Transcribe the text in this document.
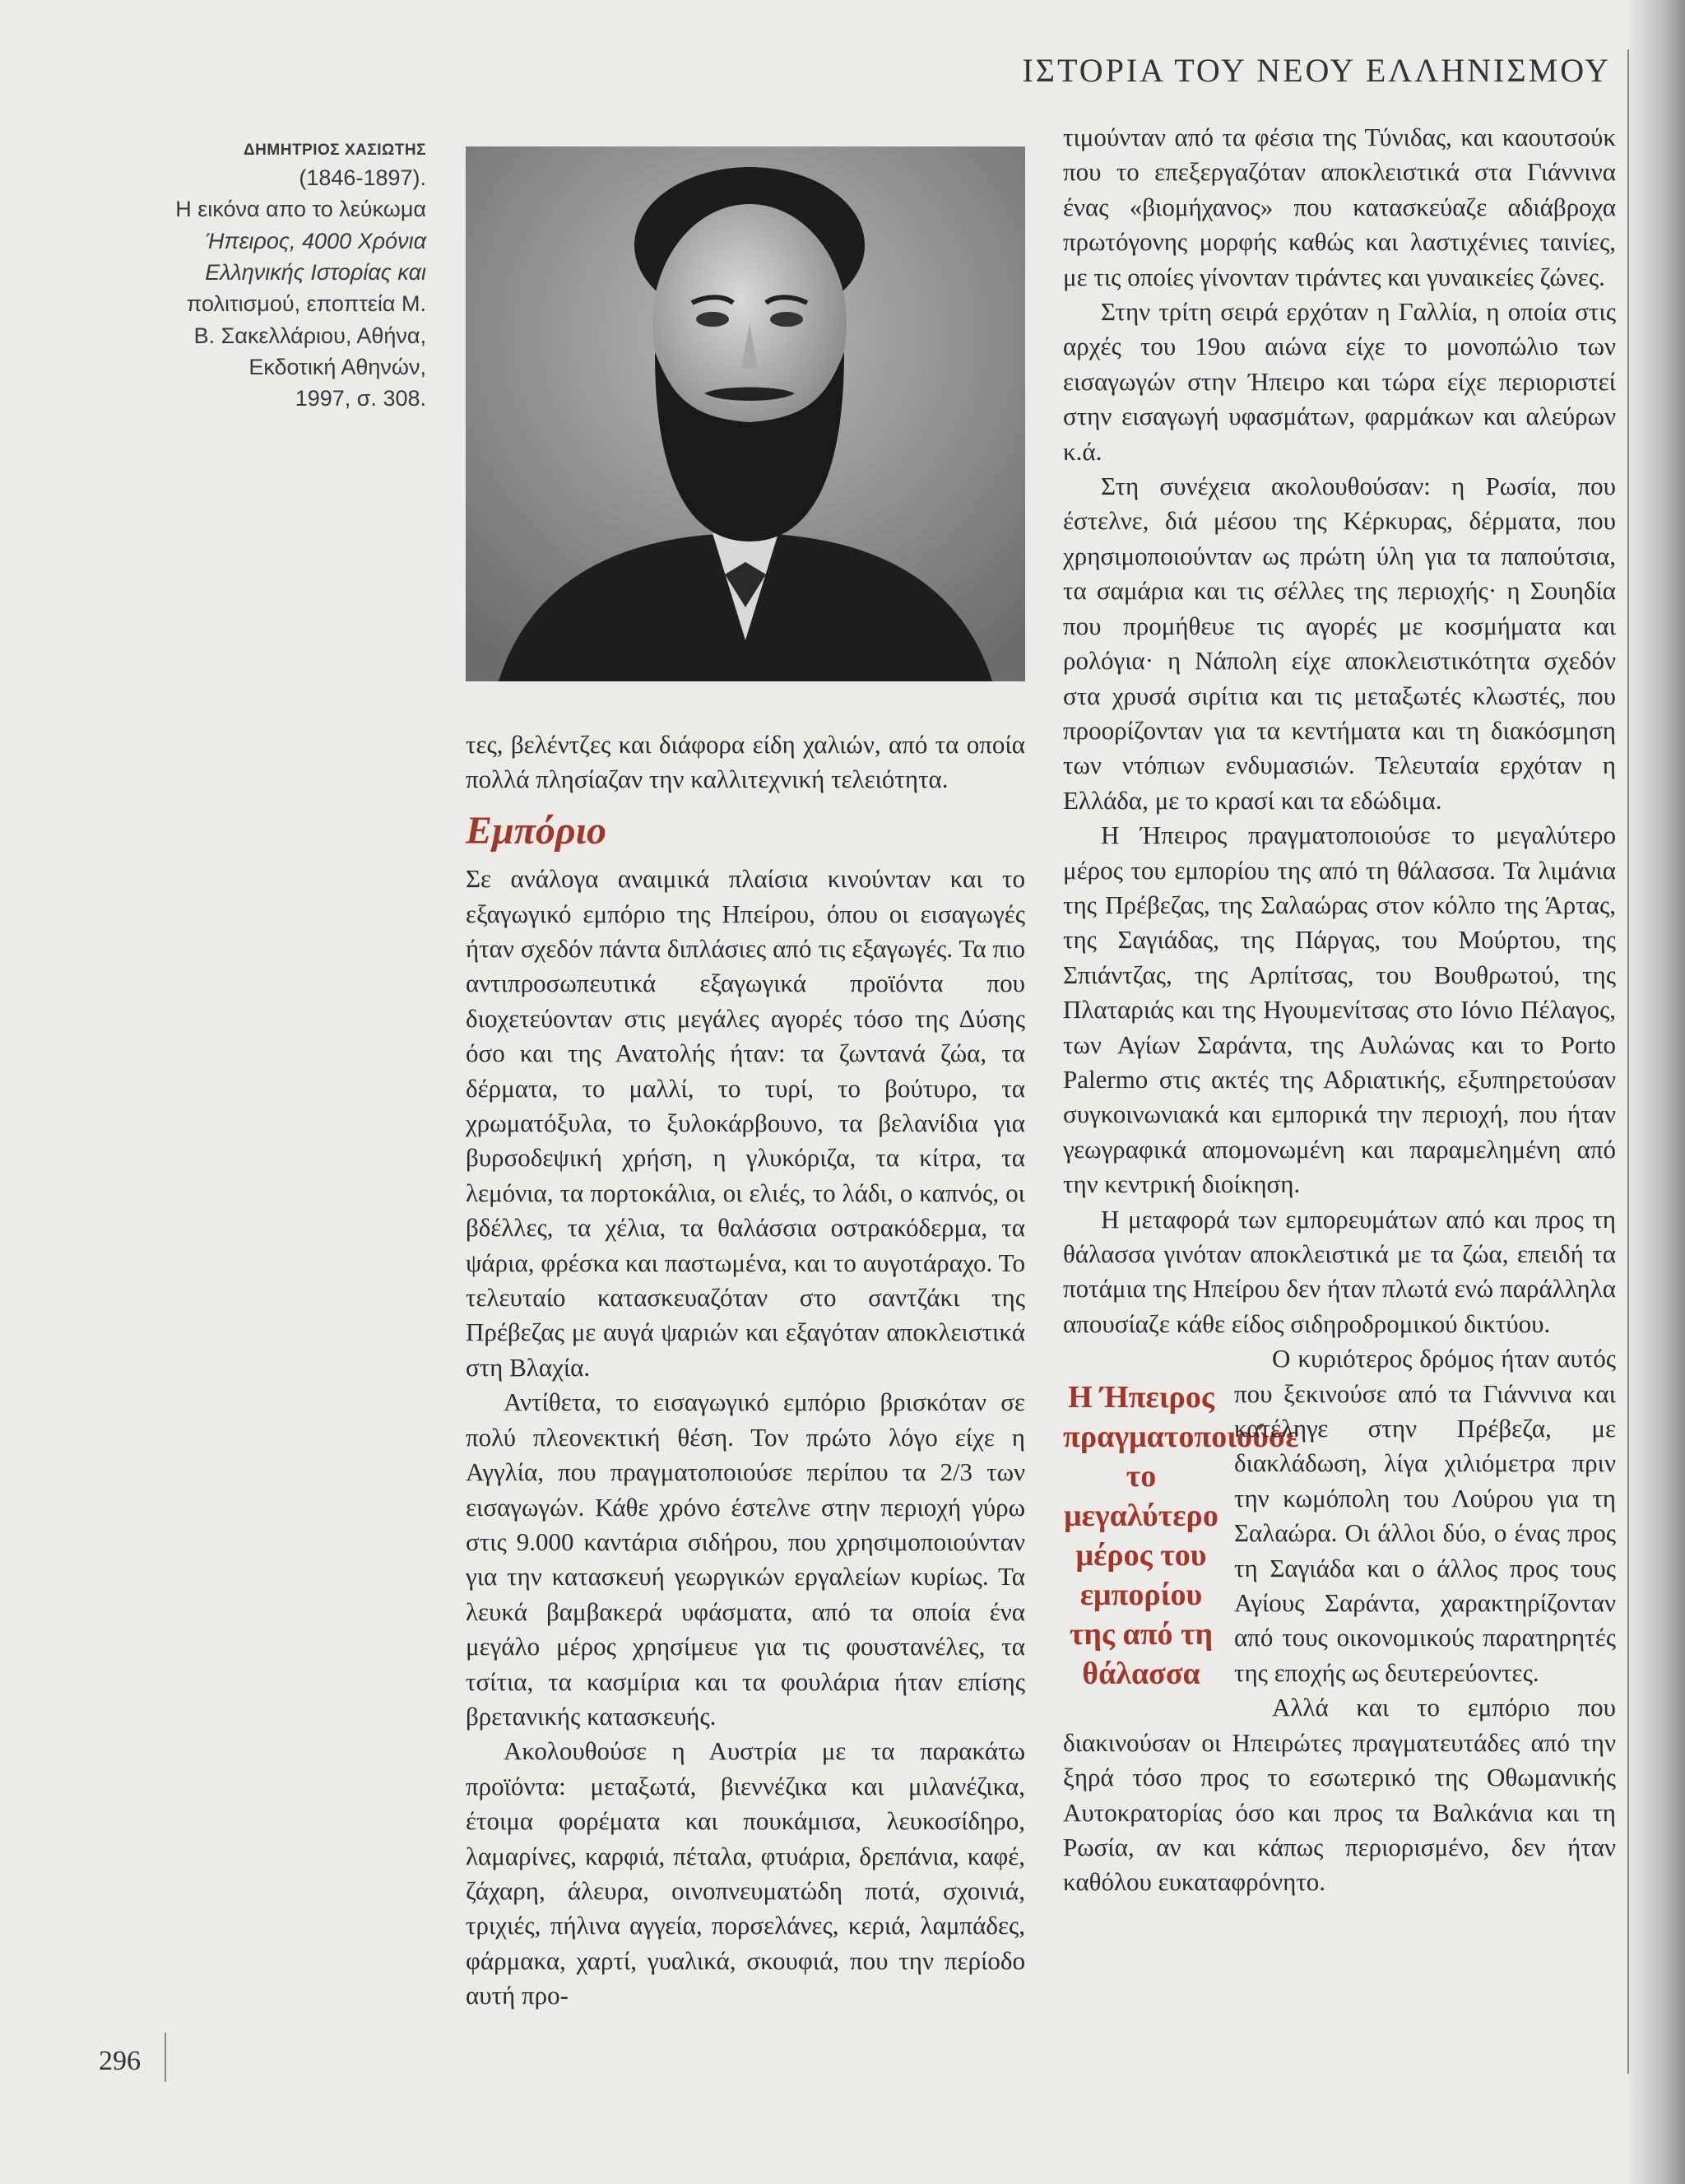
ΙΣΤΟΡΙΑ ΤΟΥ ΝΕΟΥ ΕΛΛΗΝΙΣΜΟΥ
ΔΗΜΗΤΡΙΟΣ ΧΑΣΙΩΤΗΣ
(1846-1897).
Η εικόνα απο το λεύκωμα
Ήπειρος, 4000 Χρόνια
Ελληνικής Ιστορίας και
πολιτισμού, εποπτεία Μ.
Β. Σακελλάριου, Αθήνα,
Εκδοτική Αθηνών,
1997, σ. 308.

τες, βελέντζες και διάφορα είδη χαλιών, από τα οποία πολλά πλησίαζαν την καλλιτεχνική τελειότητα.

Εμπόριο

Σε ανάλογα αναιμικά πλαίσια κινούνταν και το εξαγωγικό εμπόριο της Ηπείρου, όπου οι εισαγωγές ήταν σχεδόν πάντα διπλάσιες από τις εξαγωγές. Τα πιο αντιπροσωπευτικά εξαγωγικά προϊόντα που διοχετεύονταν στις μεγάλες αγορές τόσο της Δύσης όσο και της Ανατολής ήταν: τα ζωντανά ζώα, τα δέρματα, το μαλλί, το τυρί, το βούτυρο, τα χρωματόξυλα, το ξυλοκάρβουνο, τα βελανίδια για βυρσοδεψική χρήση, η γλυκόριζα, τα κίτρα, τα λεμόνια, τα πορτοκάλια, οι ελιές, το λάδι, ο καπνός, οι βδέλλες, τα χέλια, τα θαλάσσια οστρακόδερμα, τα ψάρια, φρέσκα και παστωμένα, και το αυγοτάραχο. Το τελευταίο κατασκευαζόταν στο σαντζάκι της Πρέβεζας με αυγά ψαριών και εξαγόταν αποκλειστικά στη Βλαχία.

Αντίθετα, το εισαγωγικό εμπόριο βρισκόταν σε πολύ πλεονεκτική θέση. Τον πρώτο λόγο είχε η Αγγλία, που πραγματοποιούσε περίπου τα 2/3 των εισαγωγών. Κάθε χρόνο έστελνε στην περιοχή γύρω στις 9.000 καντάρια σιδήρου, που χρησιμοποιούνταν για την κατασκευή γεωργικών εργαλείων κυρίως. Τα λευκά βαμβακερά υφάσματα, από τα οποία ένα μεγάλο μέρος χρησίμευε για τις φουστανέλες, τα τσίτια, τα κασμίρια και τα φουλάρια ήταν επίσης βρετανικής κατασκευής.

Ακολουθούσε η Αυστρία με τα παρακάτω προϊόντα: μεταξωτά, βιεννέζικα και μιλανέζικα, έτοιμα φορέματα και πουκάμισα, λευκοσίδηρο, λαμαρίνες, καρφιά, πέταλα, φτυάρια, δρεπάνια, καφέ, ζάχαρη, άλευρα, οινοπνευματώδη ποτά, σχοινιά, τριχιές, πήλινα αγγεία, πορσελάνες, κεριά, λαμπάδες, φάρμακα, χαρτί, γυαλικά, σκουφιά, που την περίοδο αυτή προ-

τιμούνταν από τα φέσια της Τύνιδας, και καουτσούκ που το επεξεργαζόταν αποκλειστικά στα Γιάννινα ένας «βιομήχανος» που κατασκεύαζε αδιάβροχα πρωτόγονης μορφής καθώς και λαστιχένιες ταινίες, με τις οποίες γίνονταν τιράντες και γυναικείες ζώνες.

Στην τρίτη σειρά ερχόταν η Γαλλία, η οποία στις αρχές του 19ου αιώνα είχε το μονοπώλιο των εισαγωγών στην Ήπειρο και τώρα είχε περιοριστεί στην εισαγωγή υφασμάτων, φαρμάκων και αλεύρων κ.ά.

Στη συνέχεια ακολουθούσαν: η Ρωσία, που έστελνε, διά μέσου της Κέρκυρας, δέρματα, που χρησιμοποιούνταν ως πρώτη ύλη για τα παπούτσια, τα σαμάρια και τις σέλλες της περιοχής· η Σουηδία που προμήθευε τις αγορές με κοσμήματα και ρολόγια· η Νάπολη είχε αποκλειστικότητα σχεδόν στα χρυσά σιρίτια και τις μεταξωτές κλωστές, που προορίζονταν για τα κεντήματα και τη διακόσμηση των ντόπιων ενδυμασιών. Τελευταία ερχόταν η Ελλάδα, με το κρασί και τα εδώδιμα.

Η Ήπειρος πραγματοποιούσε το μεγαλύτερο μέρος του εμπορίου της από τη θάλασσα. Τα λιμάνια της Πρέβεζας, της Σαλαώρας στον κόλπο της Άρτας, της Σαγιάδας, της Πάργας, του Μούρτου, της Σπιάντζας, της Αρπίτσας, του Βουθρωτού, της Πλαταριάς και της Ηγουμενίτσας στο Ιόνιο Πέλαγος, των Αγίων Σαράντα, της Αυλώνας και το Porto Palermo στις ακτές της Αδριατικής, εξυπηρετούσαν συγκοινωνιακά και εμπορικά την περιοχή, που ήταν γεωγραφικά απομονωμένη και παραμελημένη από την κεντρική διοίκηση.

Η μεταφορά των εμπορευμάτων από και προς τη θάλασσα γινόταν αποκλειστικά με τα ζώα, επειδή τα ποτάμια της Ηπείρου δεν ήταν πλωτά ενώ παράλληλα απουσίαζε κάθε είδος σιδηροδρομικού δικτύου.

Η Ήπειρος πραγματοποιούσε το μεγαλύτερο μέρος του εμπορίου της από τη θάλασσα

Ο κυριότερος δρόμος ήταν αυτός που ξεκινούσε από τα Γιάννινα και κατέληγε στην Πρέβεζα, με διακλάδωση, λίγα χιλιόμετρα πριν την κωμόπολη του Λούρου για τη Σαλαώρα. Οι άλλοι δύο, ο ένας προς τη Σαγιάδα και ο άλλος προς τους Αγίους Σαράντα, χαρακτηρίζονταν από τους οικονομικούς παρατηρητές της εποχής ως δευτερεύοντες.

Αλλά και το εμπόριο που διακινούσαν οι Ηπειρώτες πραγματευτάδες από την ξηρά τόσο προς το εσωτερικό της Οθωμανικής Αυτοκρατορίας όσο και προς τα Βαλκάνια και τη Ρωσία, αν και κάπως περιορισμένο, δεν ήταν καθόλου ευκαταφρόνητο.

296
